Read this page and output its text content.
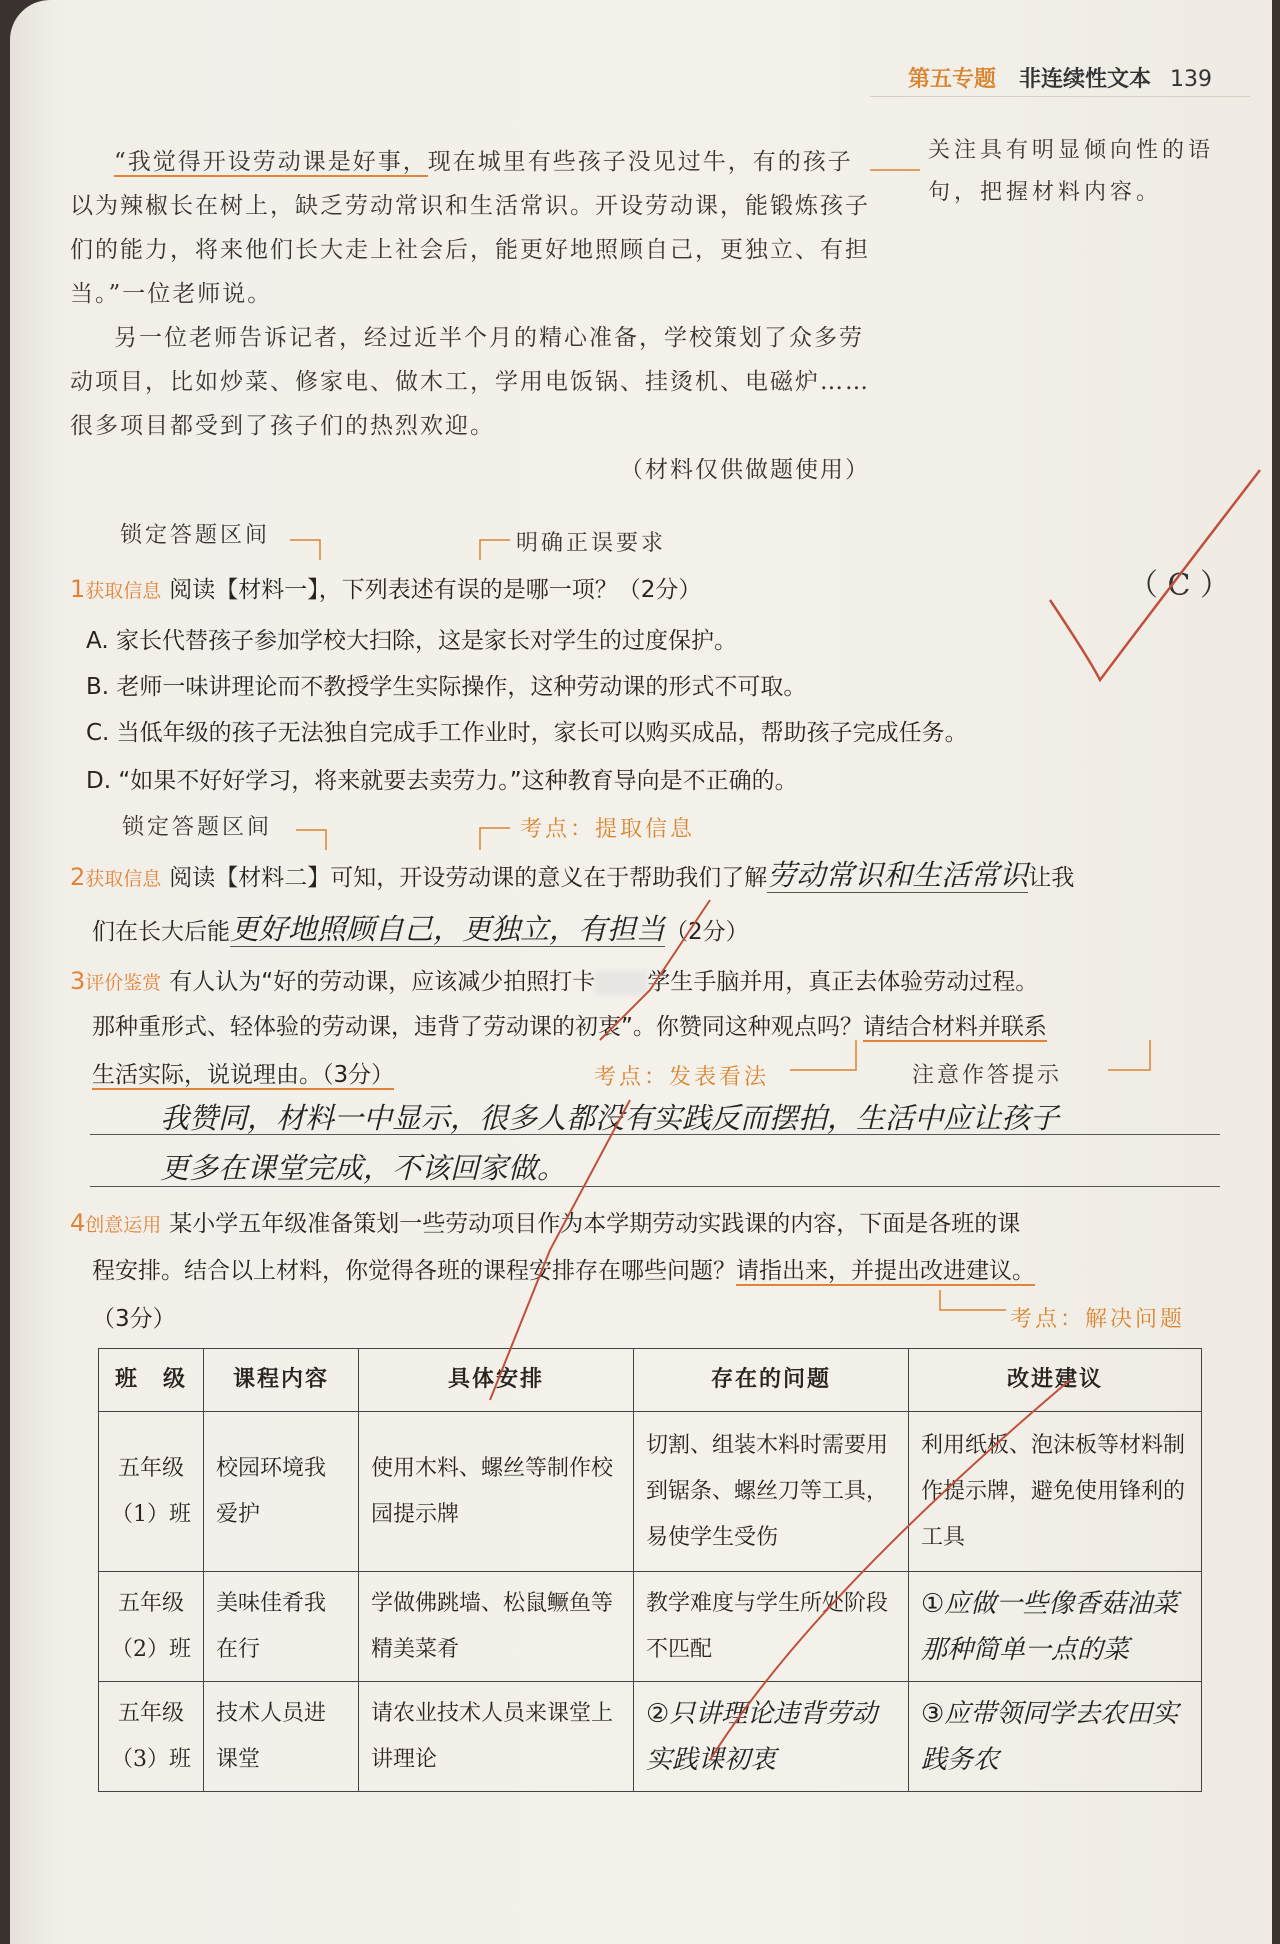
第五专题 非连续性文本 139

“我觉得开设劳动课是好事，现在城里有些孩子没见过牛，有的孩子以为辣椒长在树上，缺乏劳动常识和生活常识。开设劳动课，能锻炼孩子们的能力，将来他们长大走上社会后，能更好地照顾自己，更独立、有担当。”一位老师说。

另一位老师告诉记者，经过近半个月的精心准备，学校策划了众多劳动项目，比如炒菜、修家电、做木工，学用电饭锅、挂烫机、电磁炉……很多项目都受到了孩子们的热烈欢迎。

（材料仅供做题使用）
关注具有明显倾向性的语句，把握材料内容。
锁定答题区间	明确正误要求
1获取信息 阅读【材料一】，下列表述有误的是哪一项？（2分）	（ C ）
A. 家长代替孩子参加学校大扫除，这是家长对学生的过度保护。
B. 老师一味讲理论而不教授学生实际操作，这种劳动课的形式不可取。
C. 当低年级的孩子无法独自完成手工作业时，家长可以购买成品，帮助孩子完成任务。
D. “如果不好好学习，将来就要去卖劳力。”这种教育导向是不正确的。
锁定答题区间	考点：提取信息
2获取信息 阅读【材料二】可知，开设劳动课的意义在于帮助我们了解劳动常识和生活常识让我
们在长大后能更好地照顾自己，更独立，有担当（2分）
3评价鉴赏 有人认为“好的劳动课，应该减少拍照打卡 学生手脑并用，真正去体验劳动过程。
那种重形式、轻体验的劳动课，违背了劳动课的初衷”。你赞同这种观点吗？请结合材料并联系
生活实际，说说理由。（3分）	考点：发表看法	注意作答提示
我赞同，材料一中显示，很多人都没有实践反而摆拍，生活中应让孩子
更多在课堂完成，不该回家做。
4创意运用 某小学五年级准备策划一些劳动项目作为本学期劳动实践课的内容，下面是各班的课
程安排。结合以上材料，你觉得各班的课程安排存在哪些问题？请指出来，并提出改进建议。
（3分）	考点：解决问题
班　级	课程内容	具体安排	存在的问题	改进建议
五年级（1）班	校园环境我爱护	使用木料、螺丝等制作校园提示牌	切割、组装木料时需要用到锯条、螺丝刀等工具，易使学生受伤	利用纸板、泡沫板等材料制作提示牌，避免使用锋利的工具
五年级（2）班	美味佳肴我在行	学做佛跳墙、松鼠鳜鱼等精美菜肴	教学难度与学生所处阶段不匹配	①应做一些像香菇油菜那种简单一点的菜
五年级（3）班	技术人员进课堂	请农业技术人员来课堂上讲理论	②只讲理论违背劳动实践课初衷	③应带领同学去农田实践务农
